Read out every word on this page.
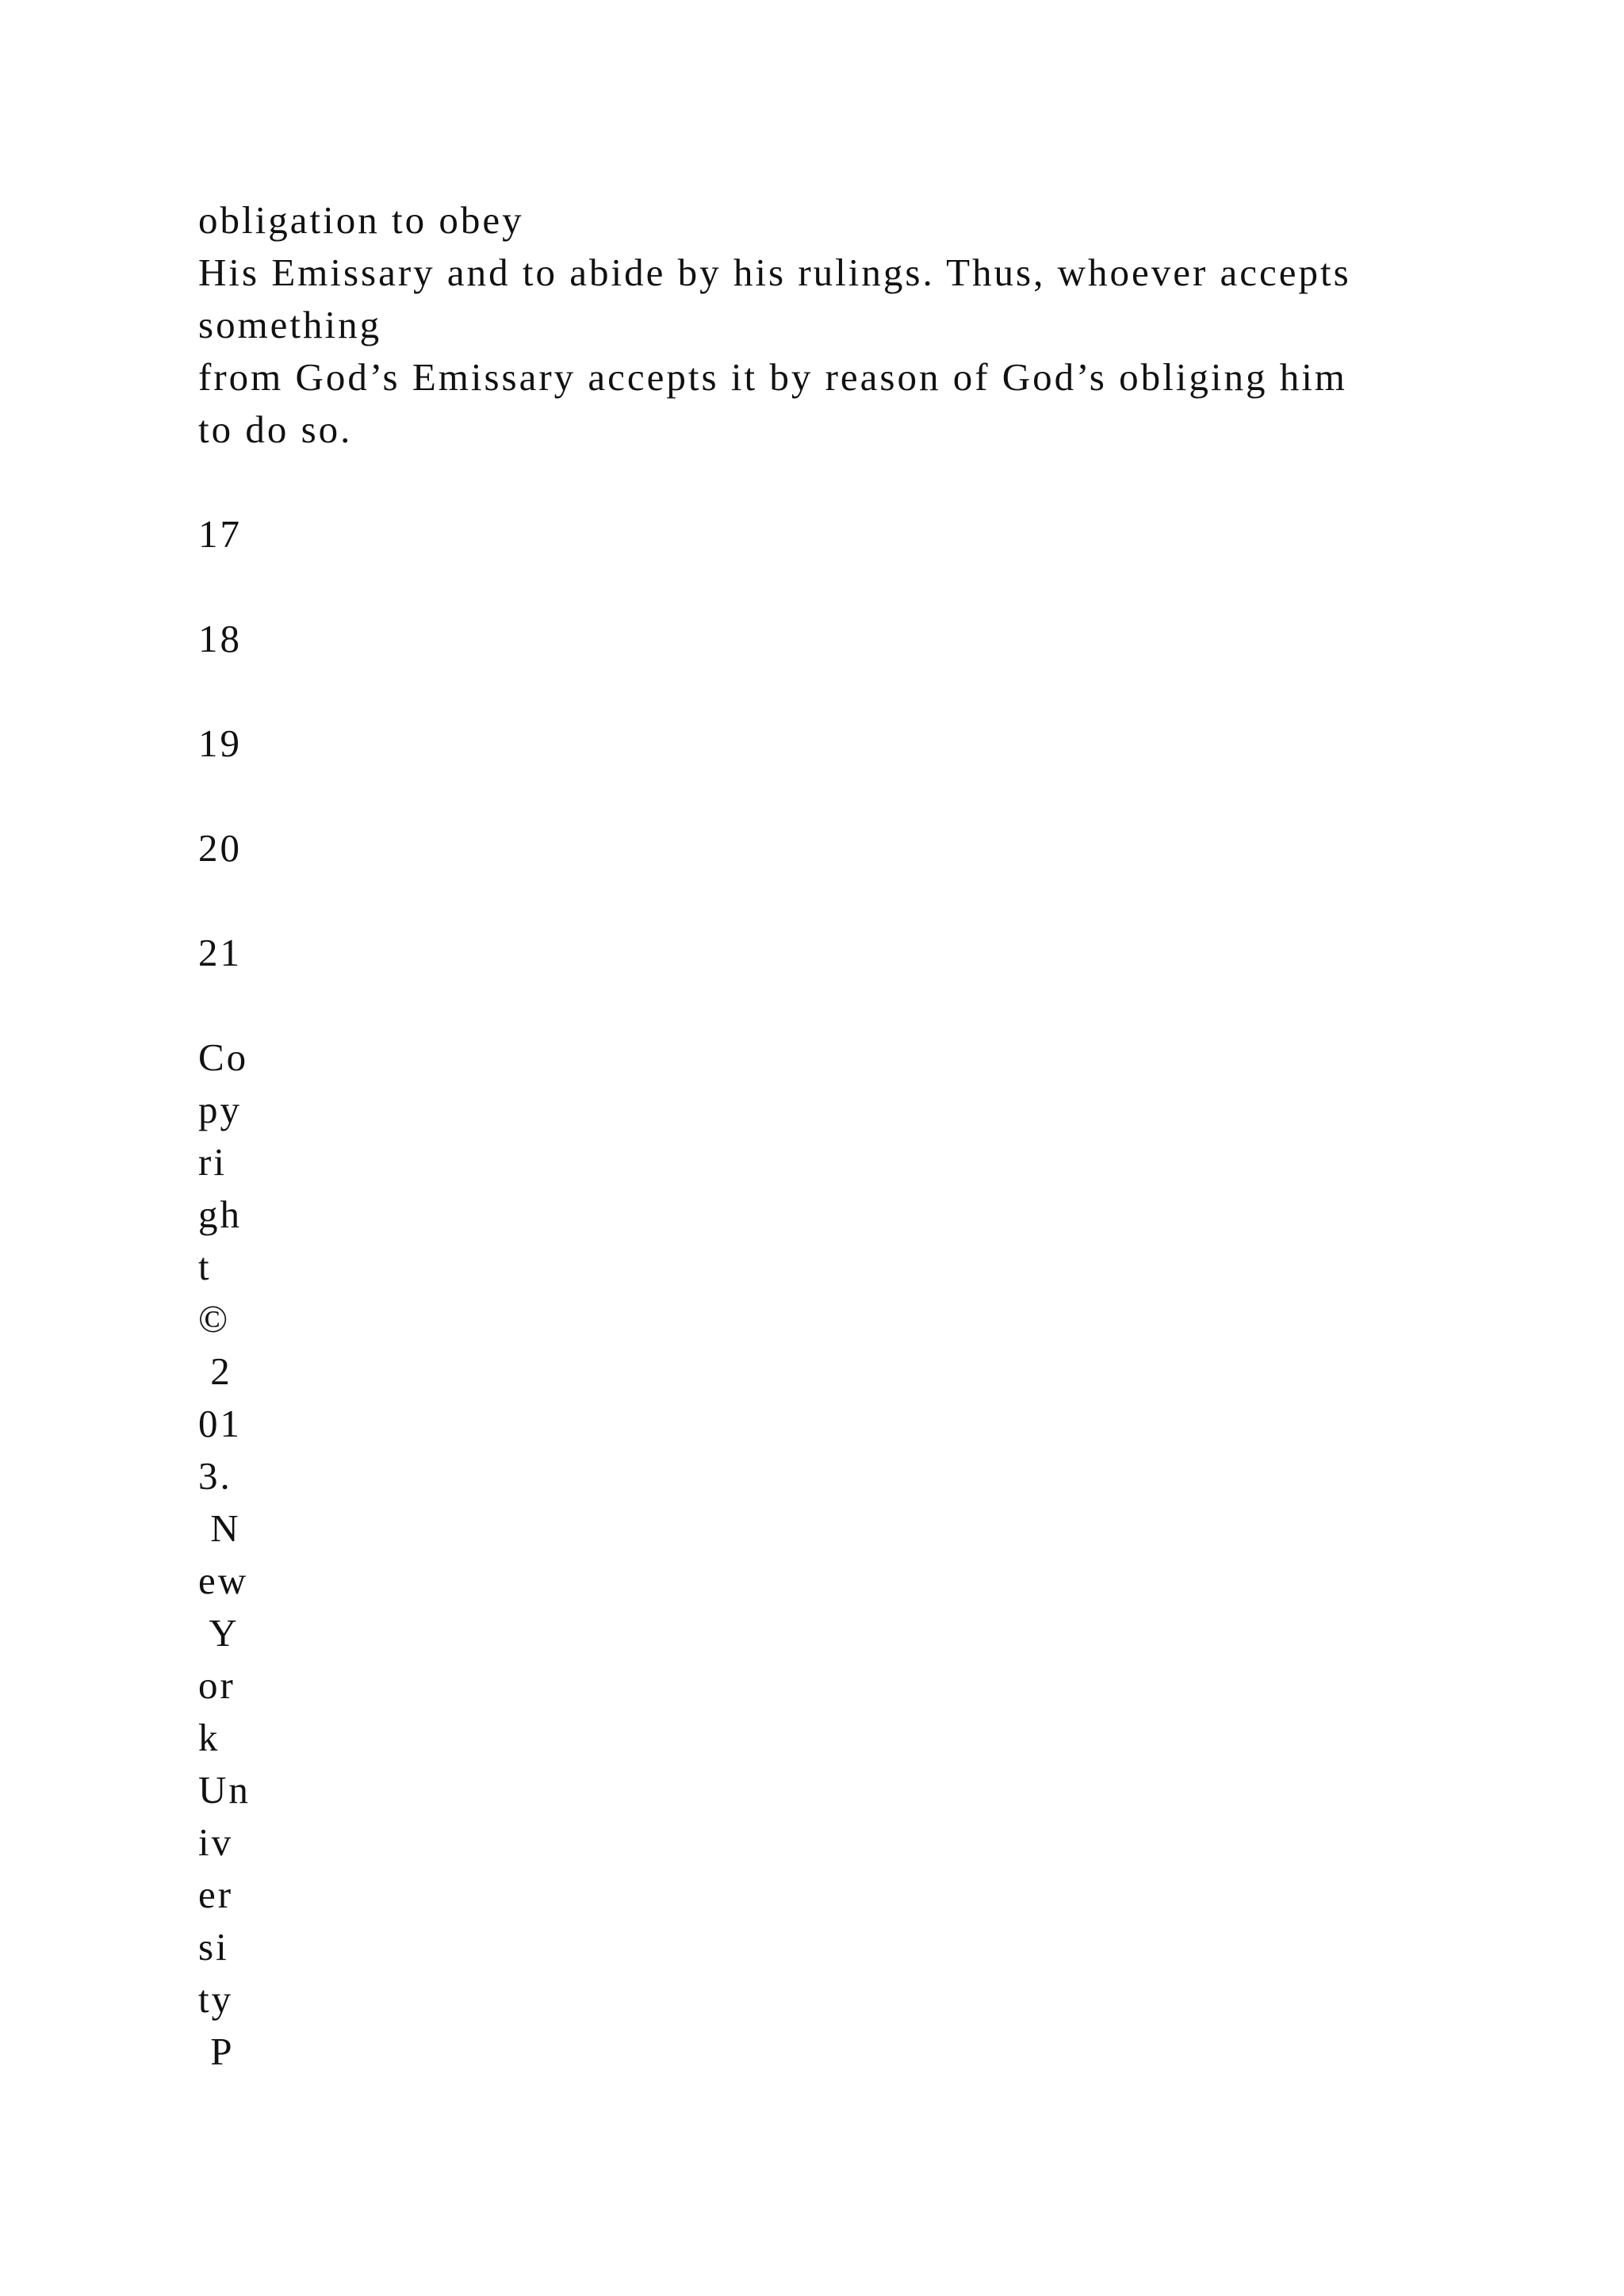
obligation to obey
His Emissary and to abide by his rulings. Thus, whoever accepts
something
from God’s Emissary accepts it by reason of God’s obliging him
to do so.
17
18
19
20
21
Co
py
ri
gh
t
©
2
01
3.
N
ew
Y
or
k
Un
iv
er
si
ty
P
